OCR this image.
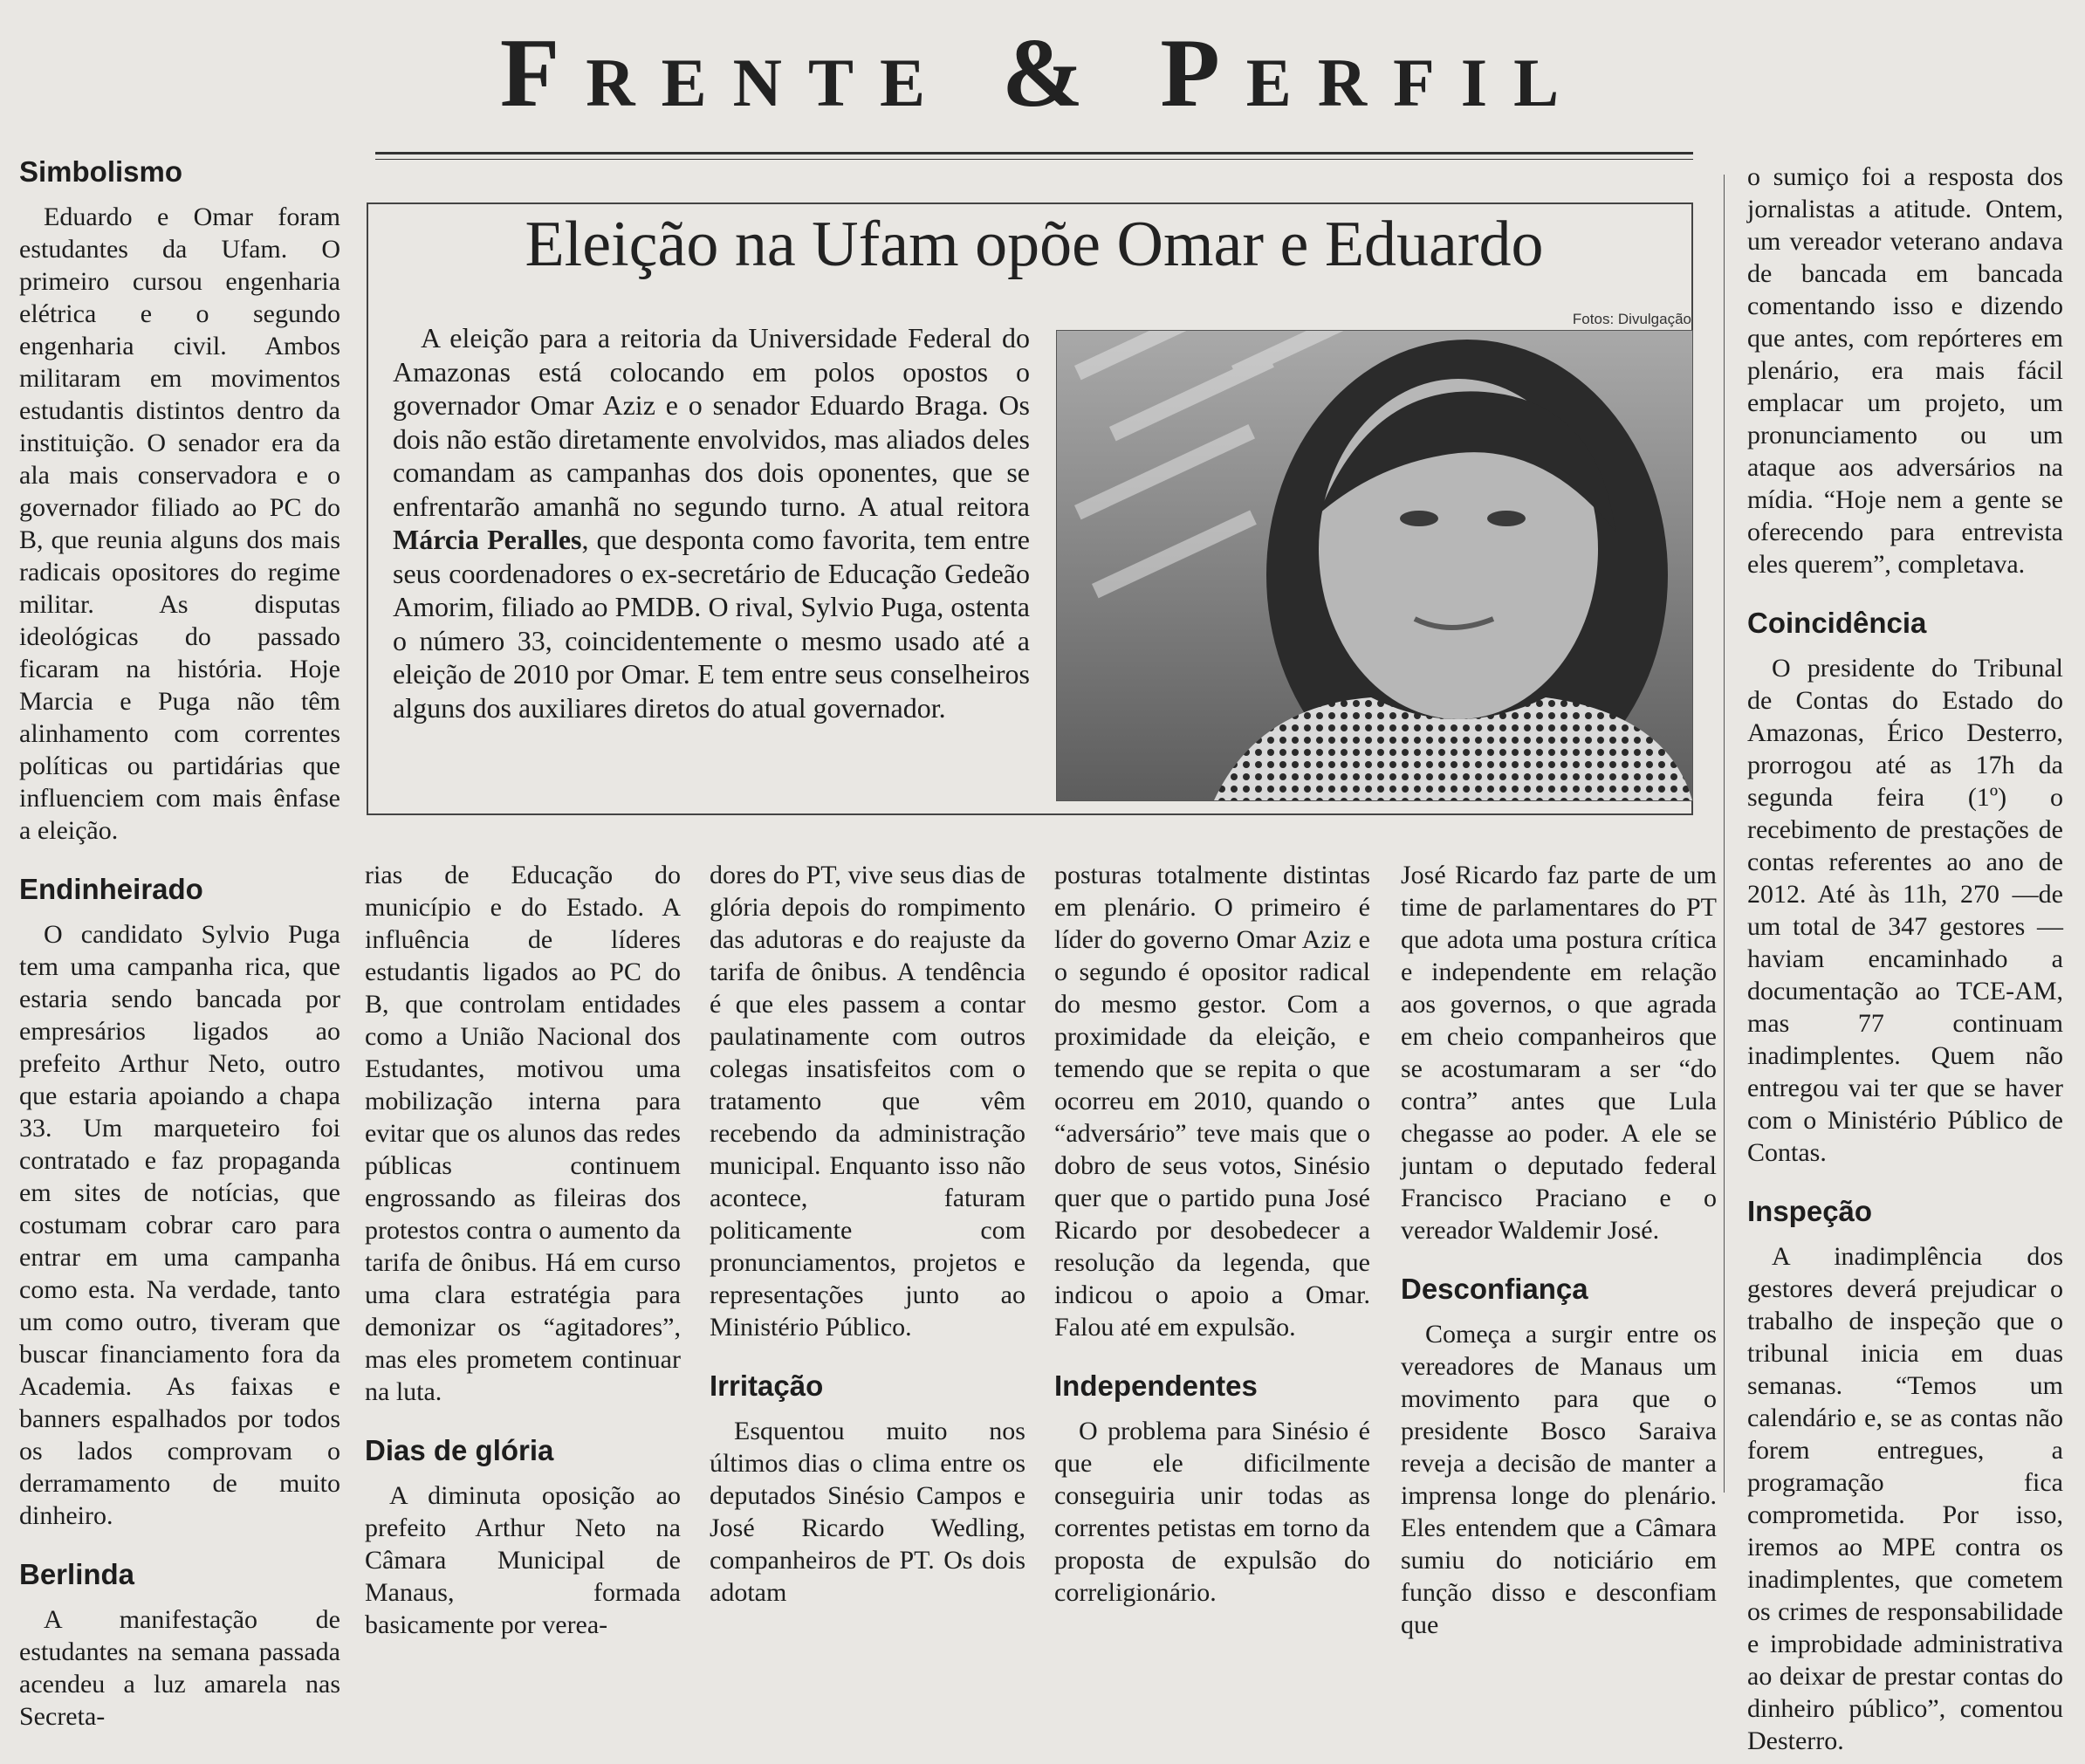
Frente & Perfil
Simbolismo

Eduardo e Omar foram estudantes da Ufam. O primeiro cursou engenharia elétrica e o segundo engenharia civil. Ambos militaram em movimentos estudantis distintos dentro da instituição. O senador era da ala mais conservadora e o governador filiado ao PC do B, que reunia alguns dos mais radicais opositores do regime militar. As disputas ideológicas do passado ficaram na história. Hoje Marcia e Puga não têm alinhamento com correntes políticas ou partidárias que influenciem com mais ênfase a eleição.

Endinheirado

O candidato Sylvio Puga tem uma campanha rica, que estaria sendo bancada por empresários ligados ao prefeito Arthur Neto, outro que estaria apoiando a chapa 33. Um marqueteiro foi contratado e faz propaganda em sites de notícias, que costumam cobrar caro para entrar em uma campanha como esta. Na verdade, tanto um como outro, tiveram que buscar financiamento fora da Academia. As faixas e banners espalhados por todos os lados comprovam o derramamento de muito dinheiro.

Berlinda

A manifestação de estudantes na semana passada acendeu a luz amarela nas Secreta-

Eleição na Ufam opõe Omar e Eduardo

A eleição para a reitoria da Universidade Federal do Amazonas está colocando em polos opostos o governador Omar Aziz e o senador Eduardo Braga. Os dois não estão diretamente envolvidos, mas aliados deles comandam as campanhas dos dois oponentes, que se enfrentarão amanhã no segundo turno. A atual reitora Márcia Peralles, que desponta como favorita, tem entre seus coordenadores o ex-secretário de Educação Gedeão Amorim, filiado ao PMDB. O rival, Sylvio Puga, ostenta o número 33, coincidentemente o mesmo usado até a eleição de 2010 por Omar. E tem entre seus conselheiros alguns dos auxiliares diretos do atual governador.

Fotos: Divulgação

rias de Educação do município e do Estado. A influência de líderes estudantis ligados ao PC do B, que controlam entidades como a União Nacional dos Estudantes, motivou uma mobilização interna para evitar que os alunos das redes públicas continuem engrossando as fileiras dos protestos contra o aumento da tarifa de ônibus. Há em curso uma clara estratégia para demonizar os “agitadores”, mas eles prometem continuar na luta.

Dias de glória

A diminuta oposição ao prefeito Arthur Neto na Câmara Municipal de Manaus, formada basicamente por verea-

dores do PT, vive seus dias de glória depois do rompimento das adutoras e do reajuste da tarifa de ônibus. A tendência é que eles passem a contar paulatinamente com outros colegas insatisfeitos com o tratamento que vêm recebendo da administração municipal. Enquanto isso não acontece, faturam politicamente com pronunciamentos, projetos e representações junto ao Ministério Público.

Irritação

Esquentou muito nos últimos dias o clima entre os deputados Sinésio Campos e José Ricardo Wedling, companheiros de PT. Os dois adotam

posturas totalmente distintas em plenário. O primeiro é líder do governo Omar Aziz e o segundo é opositor radical do mesmo gestor. Com a proximidade da eleição, e temendo que se repita o que ocorreu em 2010, quando o “adversário” teve mais que o dobro de seus votos, Sinésio quer que o partido puna José Ricardo por desobedecer a resolução da legenda, que indicou o apoio a Omar. Falou até em expulsão.

Independentes

O problema para Sinésio é que ele dificilmente conseguiria unir todas as correntes petistas em torno da proposta de expulsão do correligionário.

José Ricardo faz parte de um time de parlamentares do PT que adota uma postura crítica e independente em relação aos governos, o que agrada em cheio companheiros que se acostumaram a ser “do contra” antes que Lula chegasse ao poder. A ele se juntam o deputado federal Francisco Praciano e o vereador Waldemir José.

Desconfiança

Começa a surgir entre os vereadores de Manaus um movimento para que o presidente Bosco Saraiva reveja a decisão de manter a imprensa longe do plenário. Eles entendem que a Câmara sumiu do noticiário em função disso e desconfiam que

o sumiço foi a resposta dos jornalistas a atitude. Ontem, um vereador veterano andava de bancada em bancada comentando isso e dizendo que antes, com repórteres em plenário, era mais fácil emplacar um projeto, um pronunciamento ou um ataque aos adversários na mídia. “Hoje nem a gente se oferecendo para entrevista eles querem”, completava.

Coincidência

O presidente do Tribunal de Contas do Estado do Amazonas, Érico Desterro, prorrogou até as 17h da segunda feira (1º) o recebimento de prestações de contas referentes ao ano de 2012. Até às 11h, 270 —de um total de 347 gestores —haviam encaminhado a documentação ao TCE-AM, mas 77 continuam inadimplentes. Quem não entregou vai ter que se haver com o Ministério Público de Contas.

Inspeção

A inadimplência dos gestores deverá prejudicar o trabalho de inspeção que o tribunal inicia em duas semanas. “Temos um calendário e, se as contas não forem entregues, a programação fica comprometida. Por isso, iremos ao MPE contra os inadimplentes, que cometem os crimes de responsabilidade e improbidade administrativa ao deixar de prestar contas do dinheiro público”, comentou Desterro.
